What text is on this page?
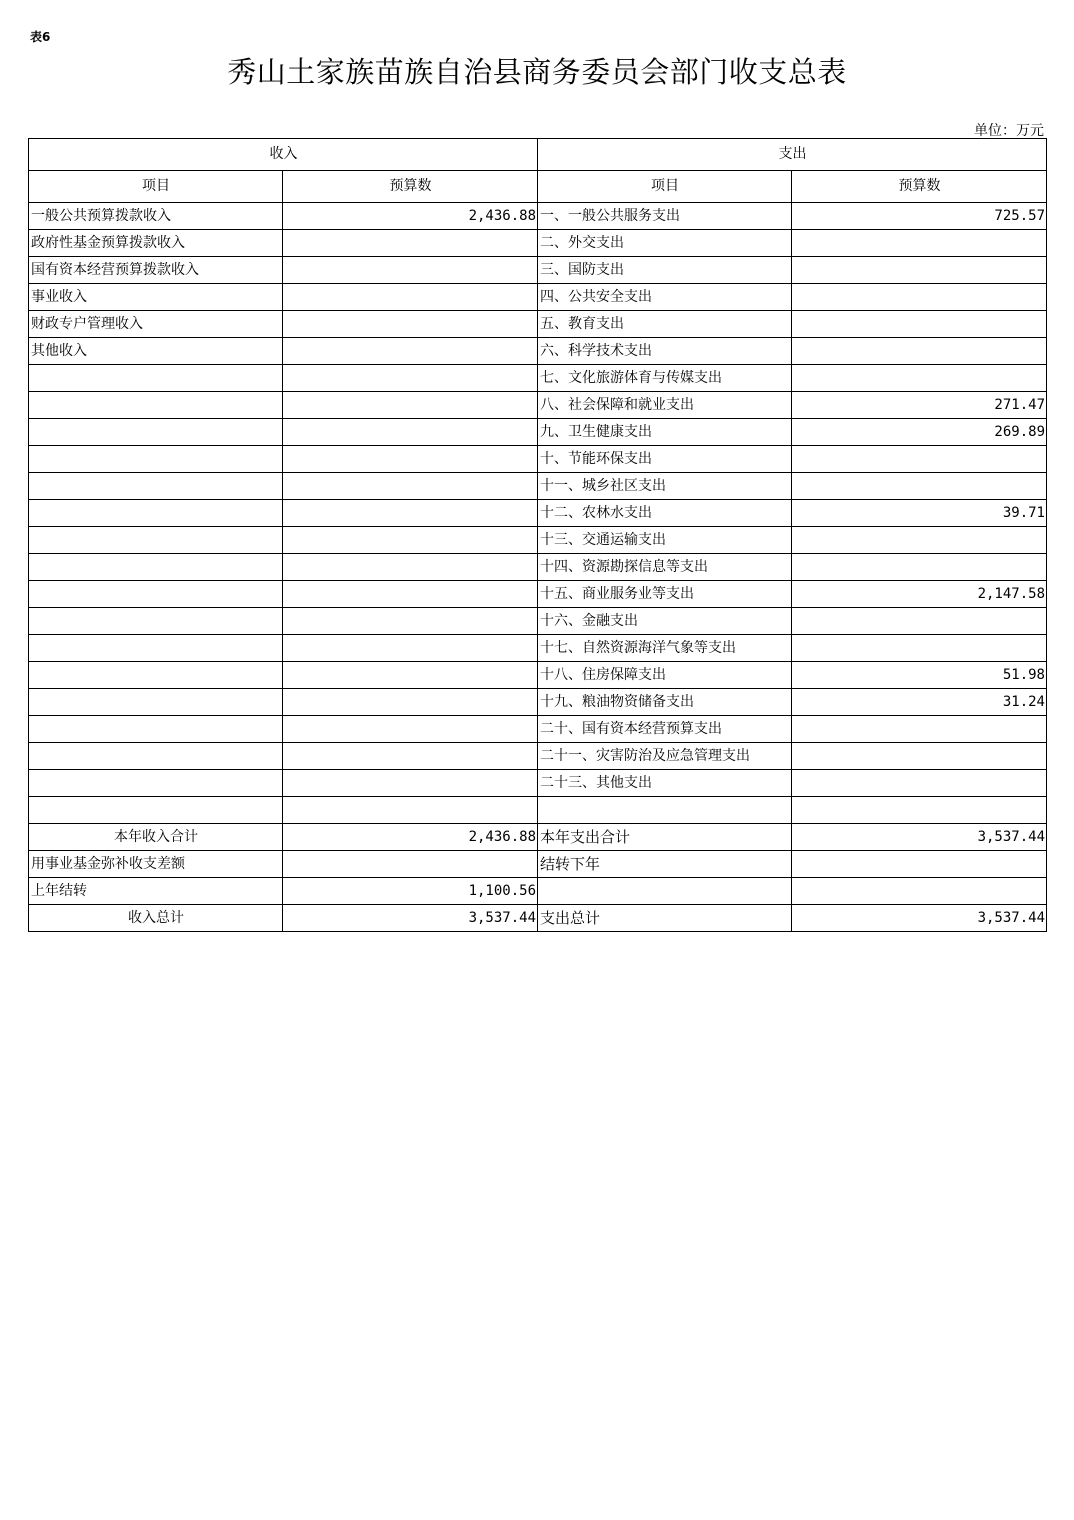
表6
秀山土家族苗族自治县商务委员会部门收支总表
单位：万元
收入		支出	
项目	预算数	项目	预算数
一般公共预算拨款收入	2,436.88	一、一般公共服务支出	725.57
政府性基金预算拨款收入		二、外交支出	
国有资本经营预算拨款收入		三、国防支出	
事业收入		四、公共安全支出	
财政专户管理收入		五、教育支出	
其他收入		六、科学技术支出	
		七、文化旅游体育与传媒支出	
		八、社会保障和就业支出	271.47
		九、卫生健康支出	269.89
		十、节能环保支出	
		十一、城乡社区支出	
		十二、农林水支出	39.71
		十三、交通运输支出	
		十四、资源勘探信息等支出	
		十五、商业服务业等支出	2,147.58
		十六、金融支出	
		十七、自然资源海洋气象等支出	
		十八、住房保障支出	51.98
		十九、粮油物资储备支出	31.24
		二十、国有资本经营预算支出	
		二十一、灾害防治及应急管理支出	
		二十三、其他支出	

本年收入合计	2,436.88	本年支出合计	3,537.44
用事业基金弥补收支差额		结转下年	
上年结转	1,100.56		
收入总计	3,537.44	支出总计	3,537.44
